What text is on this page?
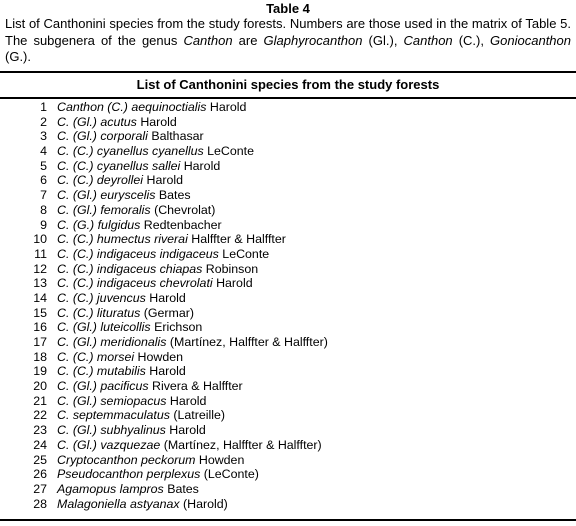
Table 4
List of Canthonini species from the study forests. Numbers are those used in the matrix of Table 5. The subgenera of the genus Canthon are Glaphyrocanthon (Gl.), Canthon (C.), Goniocanthon (G.).
List of Canthonini species from the study forests
1 Canthon (C.) aequinoctialis Harold
2 C. (Gl.) acutus Harold
3 C. (Gl.) corporali Balthasar
4 C. (C.) cyanellus cyanellus LeConte
5 C. (C.) cyanellus sallei Harold
6 C. (C.) deyrollei Harold
7 C. (Gl.) euryscelis Bates
8 C. (Gl.) femoralis (Chevrolat)
9 C. (G.) fulgidus Redtenbacher
10 C. (C.) humectus riverai Halffter & Halffter
11 C. (C.) indigaceus indigaceus LeConte
12 C. (C.) indigaceus chiapas Robinson
13 C. (C.) indigaceus chevrolati Harold
14 C. (C.) juvencus Harold
15 C. (C.) lituratus (Germar)
16 C. (Gl.) luteicollis Erichson
17 C. (Gl.) meridionalis (Martínez, Halffter & Halffter)
18 C. (C.) morsei Howden
19 C. (C.) mutabilis Harold
20 C. (Gl.) pacificus Rivera & Halffter
21 C. (Gl.) semiopacus Harold
22 C. septemmaculatus (Latreille)
23 C. (Gl.) subhyalinus Harold
24 C. (Gl.) vazquezae (Martínez, Halffter & Halffter)
25 Cryptocanthon peckorum Howden
26 Pseudocanthon perplexus (LeConte)
27 Agamopus lampros Bates
28 Malagoniella astyanax (Harold)
